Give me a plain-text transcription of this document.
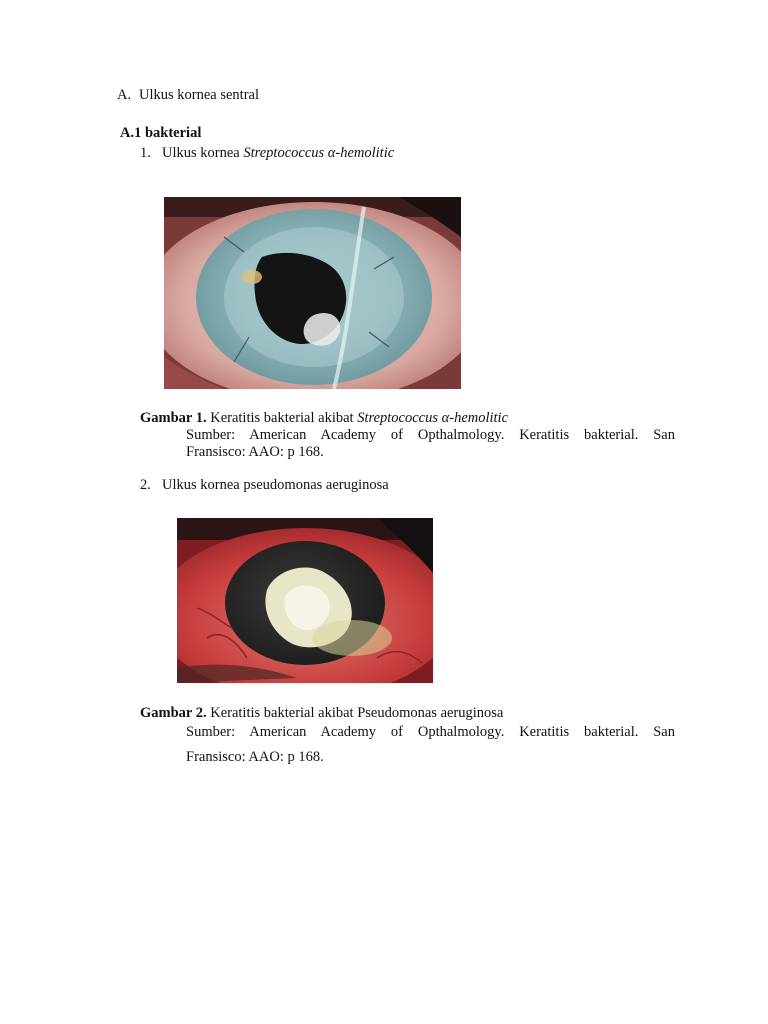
A. Ulkus kornea sentral
A.1 bakterial
1. Ulkus kornea Streptococcus α-hemolitic
Gambar 1. Keratitis bakterial akibat Streptococcus α-hemolitic
Sumber: American Academy of Opthalmology. Keratitis bakterial. San
Fransisco: AAO: p 168.
2. Ulkus kornea pseudomonas aeruginosa
Gambar 2. Keratitis bakterial akibat Pseudomonas aeruginosa
Sumber: American Academy of Opthalmology. Keratitis bakterial. San
Fransisco: AAO: p 168.
